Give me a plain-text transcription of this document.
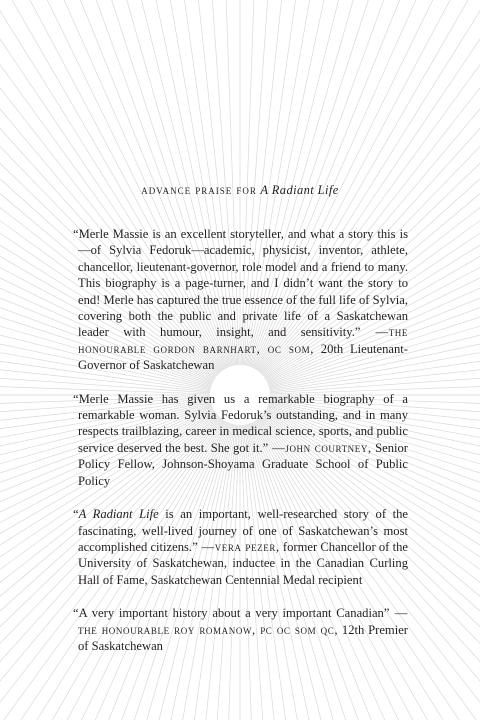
advance praise for A Radiant Life

“Merle Massie is an excellent storyteller, and what a story this is—of Sylvia Fedoruk—academic, physicist, inventor, athlete, chancellor, lieutenant-governor, role model and a friend to many. This biography is a page-turner, and I didn’t want the story to end! Merle has captured the true essence of the full life of Sylvia, covering both the public and private life of a Saskatchewan leader with humour, insight, and sensitivity.” —the honourable gordon barnhart, oc som, 20th Lieutenant-Governor of Saskatchewan

“Merle Massie has given us a remarkable biography of a remarkable woman. Sylvia Fedoruk’s outstanding, and in many respects trailblazing, career in medical science, sports, and public service deserved the best. She got it.” —john courtney, Senior Policy Fellow, Johnson-Shoyama Graduate School of Public Policy

“A Radiant Life is an important, well-researched story of the fascinating, well-lived journey of one of Saskatchewan’s most accomplished citizens.” —vera pezer, former Chancellor of the University of Saskatchewan, inductee in the Canadian Curling Hall of Fame, Saskatchewan Centennial Medal recipient

“A very important history about a very important Canadian” —the honourable roy romanow, pc oc som qc, 12th Premier of Saskatchewan
